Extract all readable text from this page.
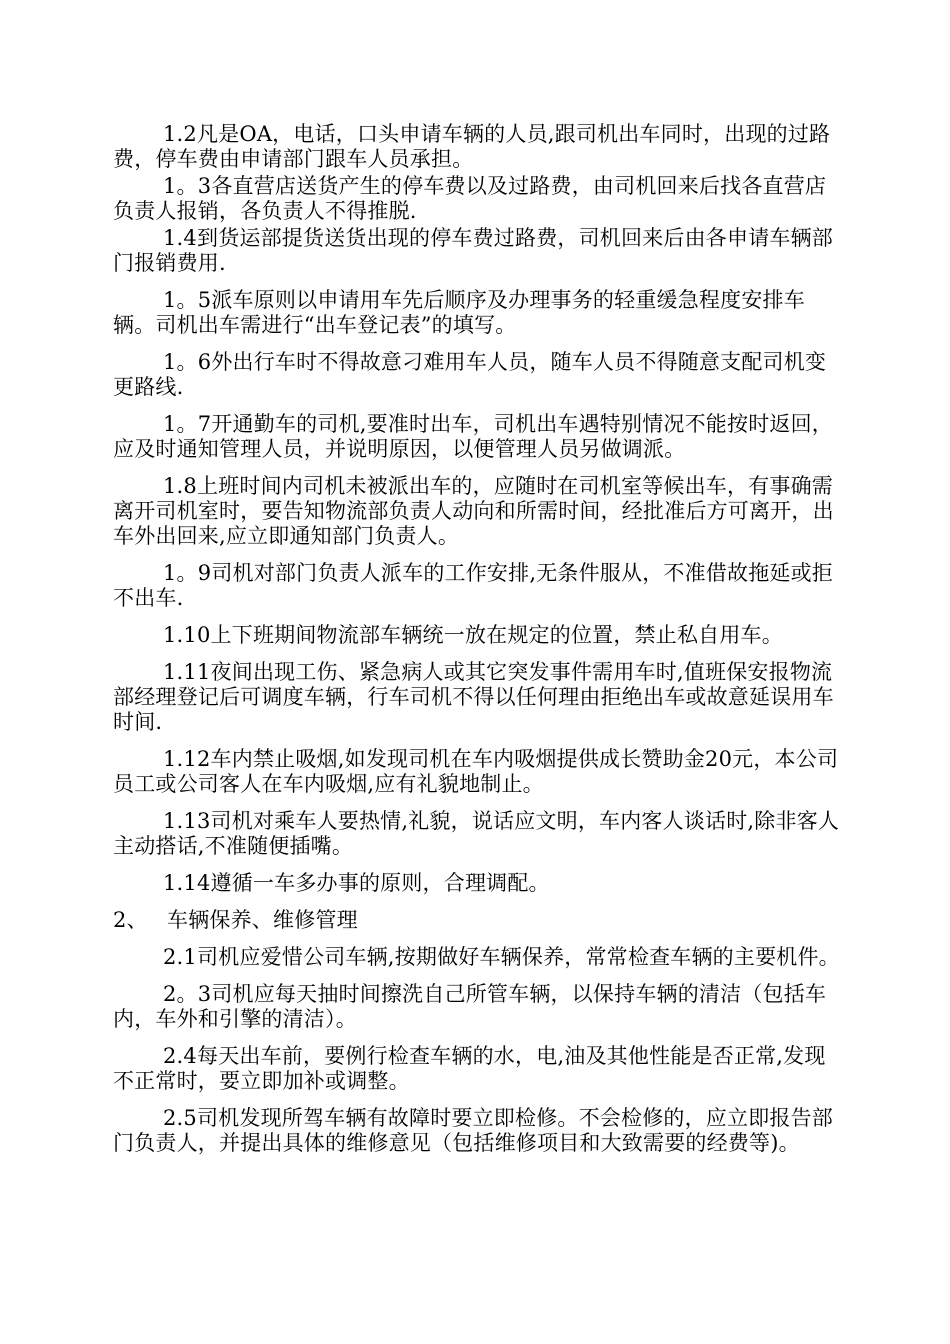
1.2凡是OA，电话，口头申请车辆的人员,跟司机出车同时，出现的过路费，停车费由申请部门跟车人员承担。

1。3各直营店送货产生的停车费以及过路费，由司机回来后找各直营店负责人报销，各负责人不得推脱.

1.4到货运部提货送货出现的停车费过路费，司机回来后由各申请车辆部门报销费用.

1。5派车原则以申请用车先后顺序及办理事务的轻重缓急程度安排车辆。司机出车需进行“出车登记表”的填写。

1。6外出行车时不得故意刁难用车人员，随车人员不得随意支配司机变更路线.

1。7开通勤车的司机,要准时出车，司机出车遇特别情况不能按时返回，应及时通知管理人员，并说明原因，以便管理人员另做调派。

1.8上班时间内司机未被派出车的，应随时在司机室等候出车，有事确需离开司机室时，要告知物流部负责人动向和所需时间，经批准后方可离开，出车外出回来,应立即通知部门负责人。

1。9司机对部门负责人派车的工作安排,无条件服从，不准借故拖延或拒不出车.

1.10上下班期间物流部车辆统一放在规定的位置，禁止私自用车。

1.11夜间出现工伤、紧急病人或其它突发事件需用车时,值班保安报物流部经理登记后可调度车辆，行车司机不得以任何理由拒绝出车或故意延误用车时间.

1.12车内禁止吸烟,如发现司机在车内吸烟提供成长赞助金20元，本公司员工或公司客人在车内吸烟,应有礼貌地制止。

1.13司机对乘车人要热情,礼貌，说话应文明，车内客人谈话时,除非客人主动搭话,不准随便插嘴。

1.14遵循一车多办事的原则，合理调配。

2、 车辆保养、维修管理

2.1司机应爱惜公司车辆,按期做好车辆保养，常常检查车辆的主要机件。

2。3司机应每天抽时间擦洗自己所管车辆，以保持车辆的清洁（包括车内，车外和引擎的清洁）。

2.4每天出车前，要例行检查车辆的水，电,油及其他性能是否正常,发现不正常时，要立即加补或调整。

2.5司机发现所驾车辆有故障时要立即检修。不会检修的，应立即报告部门负责人，并提出具体的维修意见（包括维修项目和大致需要的经费等)。
